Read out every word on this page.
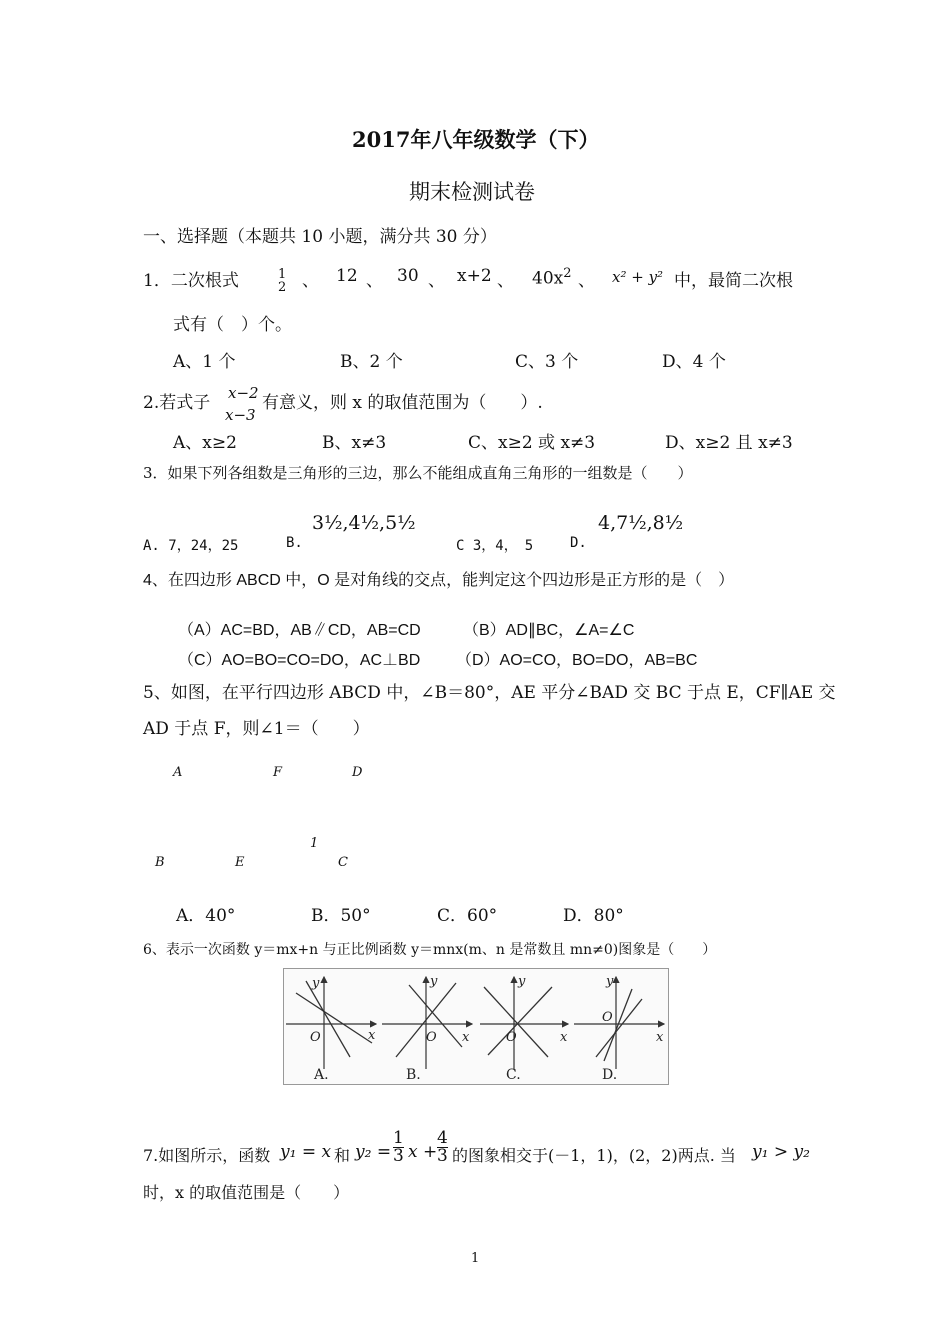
2017年八年级数学（下）
期末检测试卷
一、选择题（本题共 10 小题，满分共 30 分）
1．二次根式	1
2 、 12 、 30 、 x+2 、 $40x^2$ 、 x² + y² 中，最简二次根
式有（　）个。
A、1 个	B、2 个	C、3 个	D、4 个
2.若式子 x−2
x−3
有意义，则 x 的取值范围为（　　）.
A、x≥2	B、x≠3	C、x≥2 或 x≠3	D、x≥2 且 x≠3
3．如果下列各组数是三角形的三边，那么不能组成直角三角形的一组数是（　　）
A. 7，24，25	B.
3½,4½,5½
C 3，4，　5	D.
4,7½,8½
4、在四边形 ABCD 中，O 是对角线的交点，能判定这个四边形是正方形的是（　）
（A）AC=BD，AB∥CD，AB=CD	（B）AD∥BC，∠A=∠C
（C）AO=BO=CO=DO，AC⊥BD （D）AO=CO，BO=DO，AB=BC
5、如图，在平行四边形 ABCD 中，∠B＝80°，AE 平分∠BAD 交 BC 于点 E，CF∥AE 交
AD 于点 F，则∠1＝（　　）
A	F	D
1
B	E	C
A．40°	B．50°	C．60°	D．80°
6、表示一次函数 y＝mx+n 与正比例函数 y＝mnx(m、n 是常数且 mn≠0)图象是（　　）
y
x
O
y
x
O
y
x
O
y
x
O
A.	B.	C.	D.
7.如图所示，函数 y₁ = x 和 $y_2 = \frac{1}{3}$ $x + \frac{4}{3}$ 的图象相交于(－1，1)，(2，2)两点. 当 y₁ > y₂
时，x 的取值范围是（　　）
1
